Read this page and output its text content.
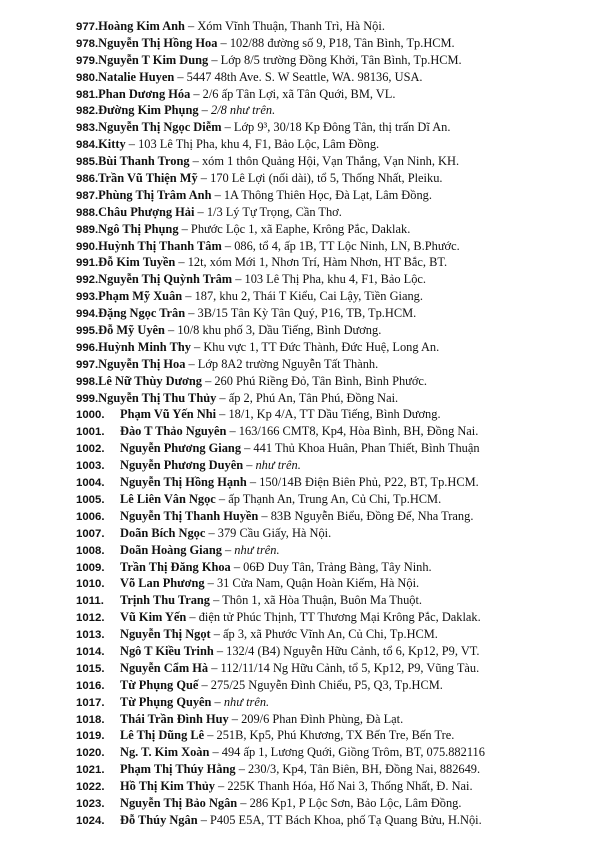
977.Hoàng Kim Anh – Xóm Vĩnh Thuận, Thanh Trì, Hà Nội.
978.Nguyễn Thị Hồng Hoa – 102/88 đường số 9, P18, Tân Bình, Tp.HCM.
979.Nguyễn T Kim Dung – Lớp 8/5 trường Đồng Khởi, Tân Bình, Tp.HCM.
980.Natalie Huyen – 5447 48th Ave. S. W Seattle, WA. 98136, USA.
981.Phan Dương Hóa – 2/6 ấp Tân Lợi, xã Tân Quới, BM, VL.
982.Đường Kim Phụng – 2/8 như trên.
983.Nguyễn Thị Ngọc Diễm – Lớp 9³, 30/18 Kp Đông Tân, thị trấn Dĩ An.
984.Kitty – 103 Lê Thị Pha, khu 4, F1, Bảo Lộc, Lâm Đồng.
985.Bùi Thanh Trong – xóm 1 thôn Quảng Hội, Vạn Thắng, Vạn Ninh, KH.
986.Trần Vũ Thiện Mỹ – 170 Lê Lợi (nối dài), tổ 5, Thống Nhất, Pleiku.
987.Phùng Thị Trâm Anh – 1A Thông Thiên Học, Đà Lạt, Lâm Đồng.
988.Châu Phượng Hải – 1/3 Lý Tự Trọng, Cần Thơ.
989.Ngô Thị Phụng – Phước Lộc 1, xã Eaphe, Krông Pắc, Daklak.
990.Huỳnh Thị Thanh Tâm – 086, tổ 4, ấp 1B, TT Lộc Ninh, LN, B.Phước.
991.Đỗ Kim Tuyền – 12t, xóm Mới 1, Nhơn Trí, Hàm Nhơn, HT Bắc, BT.
992.Nguyễn Thị Quỳnh Trâm – 103 Lê Thị Pha, khu 4, F1, Bảo Lộc.
993.Phạm Mỹ Xuân – 187, khu 2, Thái T Kiểu, Cai Lậy, Tiền Giang.
994.Đặng Ngọc Trân – 3B/15 Tân Kỳ Tân Quý, P16, TB, Tp.HCM.
995.Đỗ Mỹ Uyên – 10/8 khu phố 3, Dầu Tiếng, Bình Dương.
996.Huỳnh Minh Thy – Khu vực 1, TT Đức Thành, Đức Huệ, Long An.
997.Nguyễn Thị Hoa – Lớp 8A2 trường Nguyễn Tất Thành.
998.Lê Nữ Thùy Dương – 260 Phú Riềng Đỏ, Tân Bình, Bình Phước.
999.Nguyễn Thị Thu Thủy – ấp 2, Phú An, Tân Phú, Đồng Nai.
1000. Phạm Vũ Yến Nhi – 18/1, Kp 4/A, TT Dầu Tiếng, Bình Dương.
1001. Đào T Thảo Nguyên – 163/166 CMT8, Kp4, Hòa Bình, BH, Đồng Nai.
1002. Nguyễn Phương Giang – 441 Thủ Khoa Huân, Phan Thiết, Bình Thuận
1003. Nguyễn Phương Duyên – như trên.
1004. Nguyễn Thị Hồng Hạnh – 150/14B Điện Biên Phủ, P22, BT, Tp.HCM.
1005. Lê Liên Vân Ngọc – ấp Thạnh An, Trung An, Củ Chi, Tp.HCM.
1006. Nguyễn Thị Thanh Huyền – 83B Nguyễn Biểu, Đồng Đế, Nha Trang.
1007. Doãn Bích Ngọc – 379 Cầu Giấy, Hà Nội.
1008. Doãn Hoàng Giang – như trên.
1009. Trần Thị Đăng Khoa – 06Đ Duy Tân, Trảng Bàng, Tây Ninh.
1010. Võ Lan Phương – 31 Cửa Nam, Quận Hoàn Kiếm, Hà Nội.
1011. Trịnh Thu Trang – Thôn 1, xã Hòa Thuận, Buôn Ma Thuột.
1012. Vũ Kim Yến – điện tử Phúc Thịnh, TT Thương Mại Krông Pắc, Daklak.
1013. Nguyễn Thị Ngọt – ấp 3, xã Phước Vĩnh An, Củ Chi, Tp.HCM.
1014. Ngô T Kiều Trinh – 132/4 (B4) Nguyễn Hữu Cảnh, tổ 6, Kp12, P9, VT.
1015. Nguyễn Cẩm Hà – 112/11/14 Ng Hữu Cảnh, tổ 5, Kp12, P9, Vũng Tàu.
1016. Từ Phụng Quế – 275/25 Nguyễn Đình Chiểu, P5, Q3, Tp.HCM.
1017. Từ Phụng Quyên – như trên.
1018. Thái Trần Đình Huy – 209/6 Phan Đình Phùng, Đà Lạt.
1019. Lê Thị Dũng Lê – 251B, Kp5, Phú Khương, TX Bến Tre, Bến Tre.
1020. Ng. T. Kim Xoàn – 494 ấp 1, Lương Quới, Giồng Trôm, BT, 075.882116
1021. Phạm Thị Thúy Hằng – 230/3, Kp4, Tân Biên, BH, Đồng Nai, 882649.
1022. Hồ Thị Kim Thủy – 225K Thanh Hóa, Hố Nai 3, Thống Nhất, Đ. Nai.
1023. Nguyễn Thị Bảo Ngân – 286 Kp1, P Lộc Sơn, Bảo Lộc, Lâm Đồng.
1024. Đỗ Thúy Ngân – P405 E5A, TT Bách Khoa, phố Tạ Quang Bửu, H.Nội.
